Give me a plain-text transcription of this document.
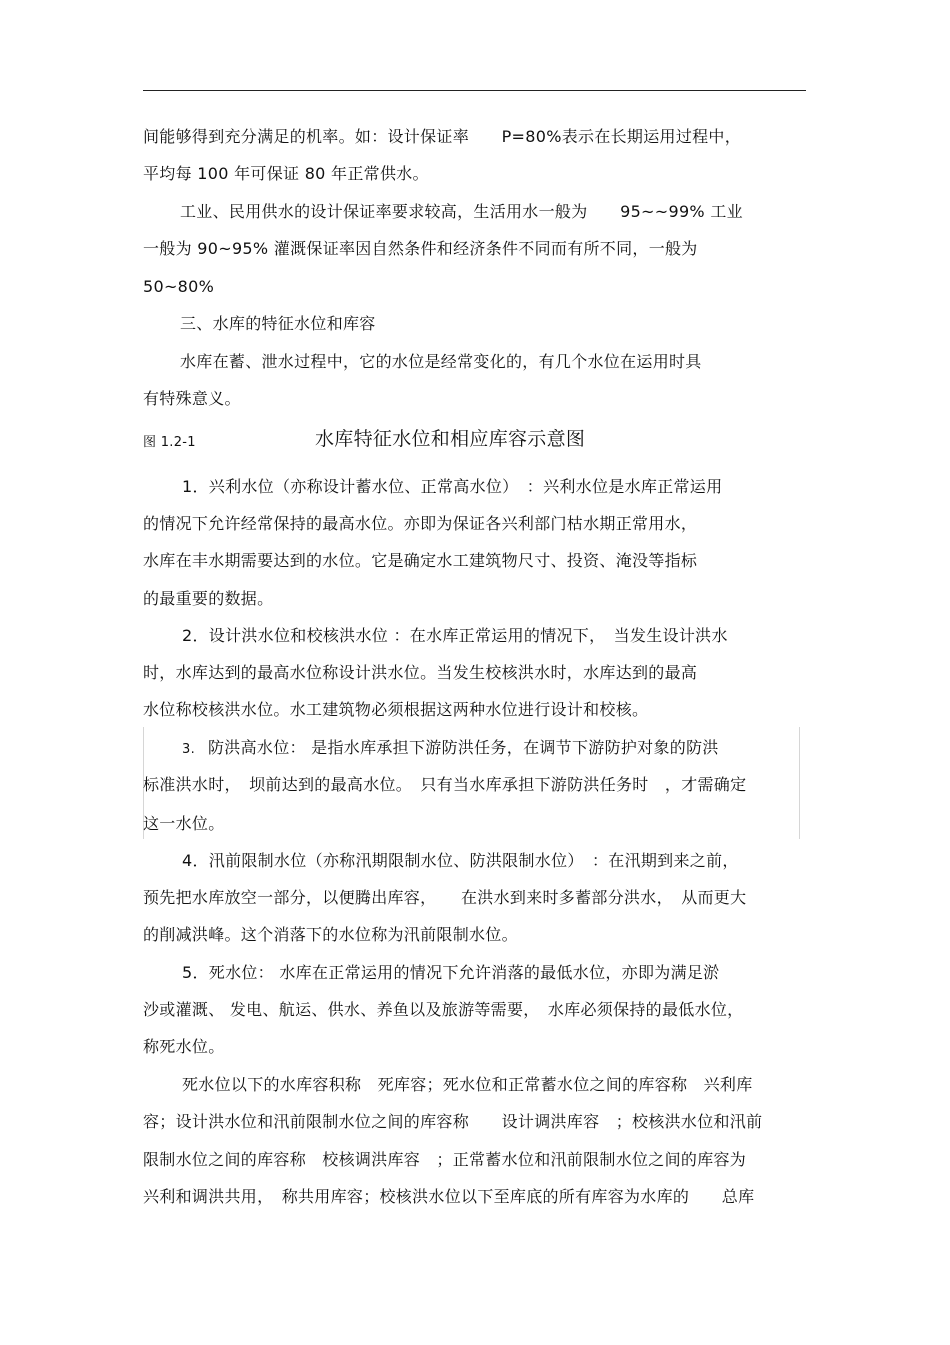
间能够得到充分满足的机率。如：设计保证率　　P=80%表示在长期运用过程中，
平均每 100 年可保证 80 年正常供水。
工业、民用供水的设计保证率要求较高，生活用水一般为　　95~~99% 工业
一般为 90~95% 灌溉保证率因自然条件和经济条件不同而有所不同，一般为
50~80%
三、水库的特征水位和库容
水库在蓄、泄水过程中，它的水位是经常变化的，有几个水位在运用时具
有特殊意义。
图 1.2-1	水库特征水位和相应库容示意图
1．兴利水位（亦称设计蓄水位、正常高水位）　：兴利水位是水库正常运用
的情况下允许经常保持的最高水位。亦即为保证各兴利部门枯水期正常用水，
水库在丰水期需要达到的水位。它是确定水工建筑物尺寸、投资、淹没等指标
的最重要的数据。
2．设计洪水位和校核洪水位 ：在水库正常运用的情况下，　当发生设计洪水
时，水库达到的最高水位称设计洪水位。当发生校核洪水时，水库达到的最高
水位称校核洪水位。水工建筑物必须根据这两种水位进行设计和校核。
3. 防洪高水位： 是指水库承担下游防洪任务，在调节下游防护对象的防洪
标准洪水时，　坝前达到的最高水位。　只有当水库承担下游防洪任务时　，才需确定
这一水位。
4．汛前限制水位（亦称汛期限制水位、防洪限制水位）　：在汛期到来之前，
预先把水库放空一部分，以便腾出库容，　　在洪水到来时多蓄部分洪水，　从而更大
的削减洪峰。这个消落下的水位称为汛前限制水位。
5．死水位： 水库在正常运用的情况下允许消落的最低水位，亦即为满足淤
沙或灌溉、 发电、航运、供水、养鱼以及旅游等需要，　水库必须保持的最低水位，
称死水位。
死水位以下的水库容积称　死库容；死水位和正常蓄水位之间的库容称　兴利库
容；设计洪水位和汛前限制水位之间的库容称　　设计调洪库容　；校核洪水位和汛前
限制水位之间的库容称　校核调洪库容　；正常蓄水位和汛前限制水位之间的库容为
兴利和调洪共用，　称共用库容；校核洪水位以下至库底的所有库容为水库的　　总库
